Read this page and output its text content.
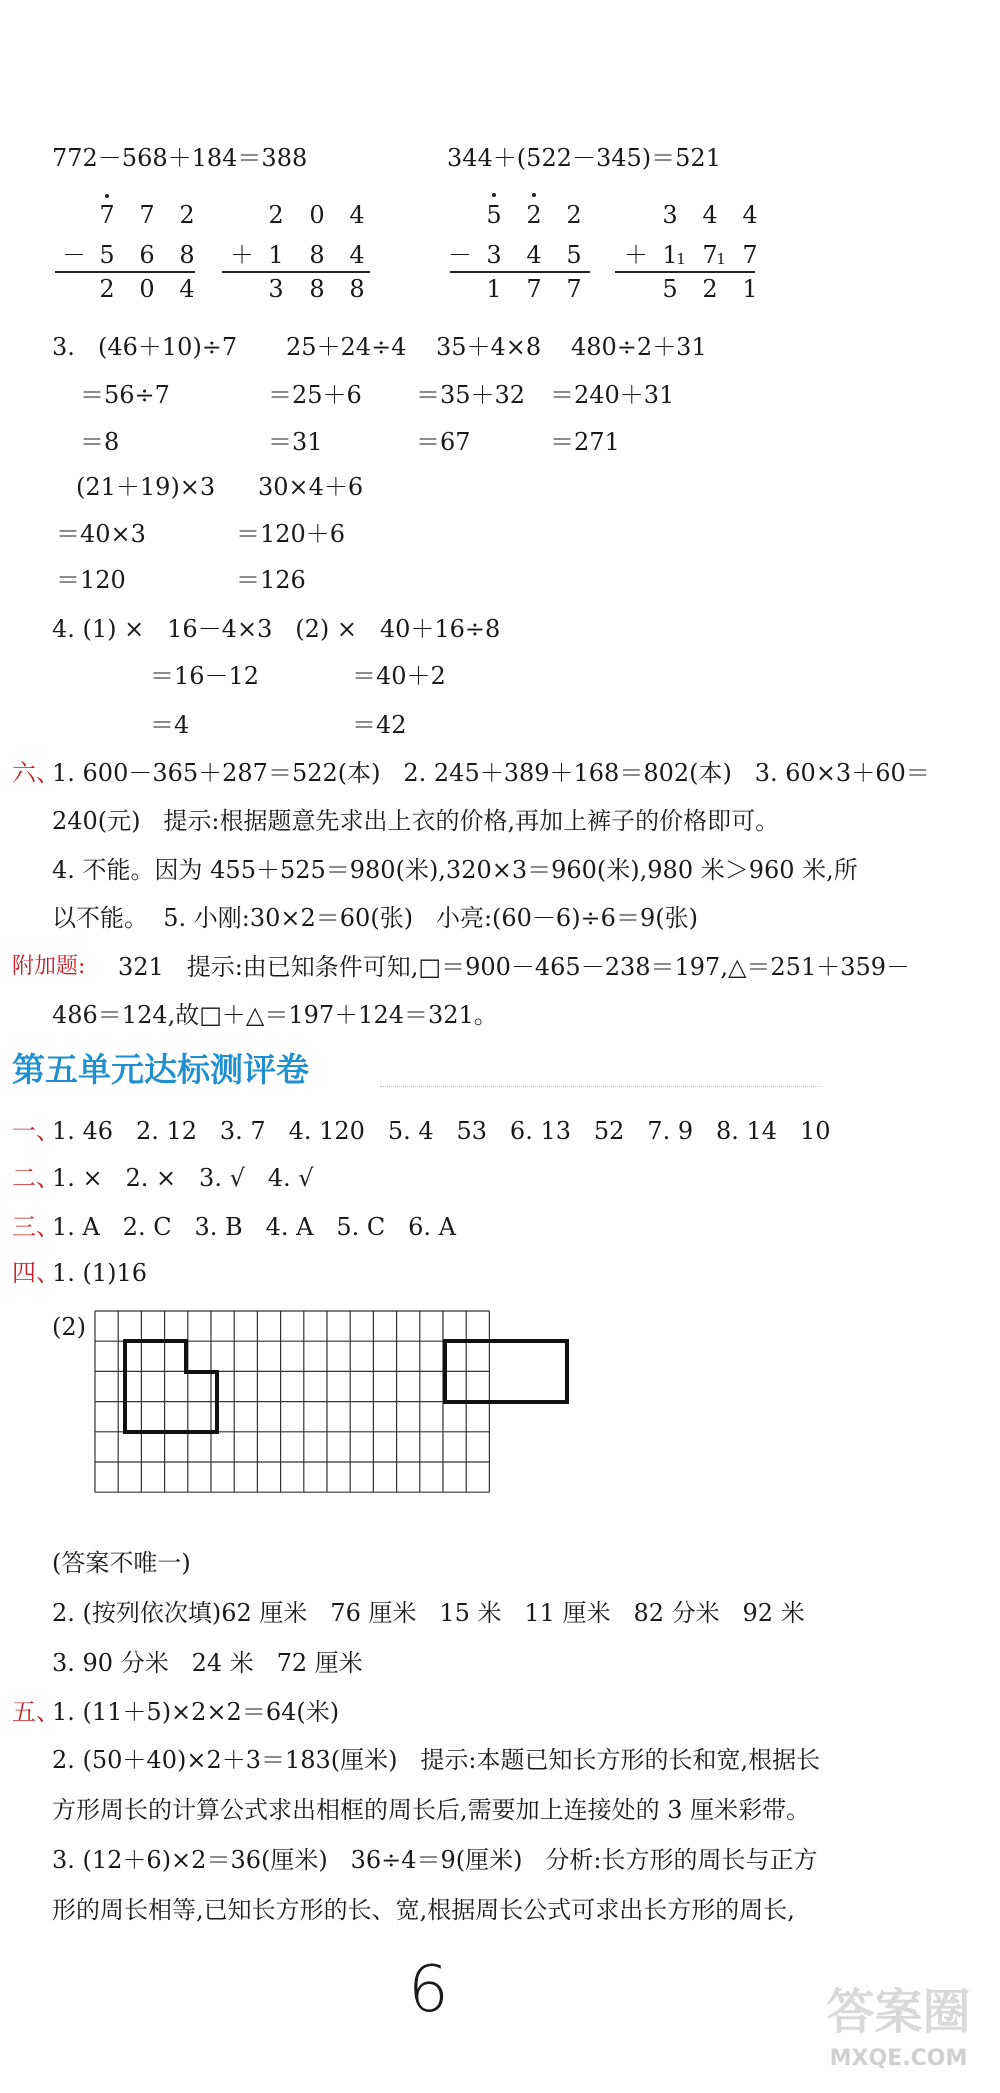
772－568＋184＝388	344＋(522－345)＝521
7 7 2
－ 5 6 8
2 0 4
2 0 4
＋ 1 8 4
3 8 8
5 2 2
－ 3 4 5
1 7 7
3 4 4
＋ 1
1 7
1 7
5 2 1
3. (46＋10)÷7
＝56÷7
＝8
25＋24÷4
＝25＋6
＝31
35＋4×8
＝35＋32
＝67
480÷2＋31
＝240＋31
＝271
(21＋19)×3
＝40×3
＝120
30×4＋6
＝120＋6
＝126
4. (1) ×   16－4×3   (2) ×   40＋16÷8
＝16－12
＝4
＝40＋2
＝42
六、
1. 600－365＋287＝522(本)   2. 245＋389＋168＝802(本)   3. 60×3＋60＝
240(元)   提示:根据题意先求出上衣的价格,再加上裤子的价格即可。
4. 不能。因为 455＋525＝980(米),320×3＝960(米),980 米＞960 米,所
以不能。  5. 小刚:30×2＝60(张)   小亮:(60－6)÷6＝9(张)
附加题: 321   提示:由已知条件可知,□＝900－465－238＝197,△＝251＋359－
486＝124,故□＋△＝197＋124＝321。
第五单元达标测评卷
一、
1. 46   2. 12   3. 7   4. 120   5. 4   53   6. 13   52   7. 9   8. 14   10
二、
1. ×   2. ×   3. √   4. √
三、
1. A   2. C   3. B   4. A   5. C   6. A
四、
1. (1)16
(2)
(答案不唯一)
2. (按列依次填)62 厘米   76 厘米   15 米   11 厘米   82 分米   92 米
3. 90 分米   24 米   72 厘米
五、
1. (11＋5)×2×2＝64(米)
2. (50＋40)×2＋3＝183(厘米)   提示:本题已知长方形的长和宽,根据长
方形周长的计算公式求出相框的周长后,需要加上连接处的 3 厘米彩带。
3. (12＋6)×2＝36(厘米)   36÷4＝9(厘米)   分析:长方形的周长与正方
形的周长相等,已知长方形的长、宽,根据周长公式可求出长方形的周长,
6	答案圈
MXQE.COM
